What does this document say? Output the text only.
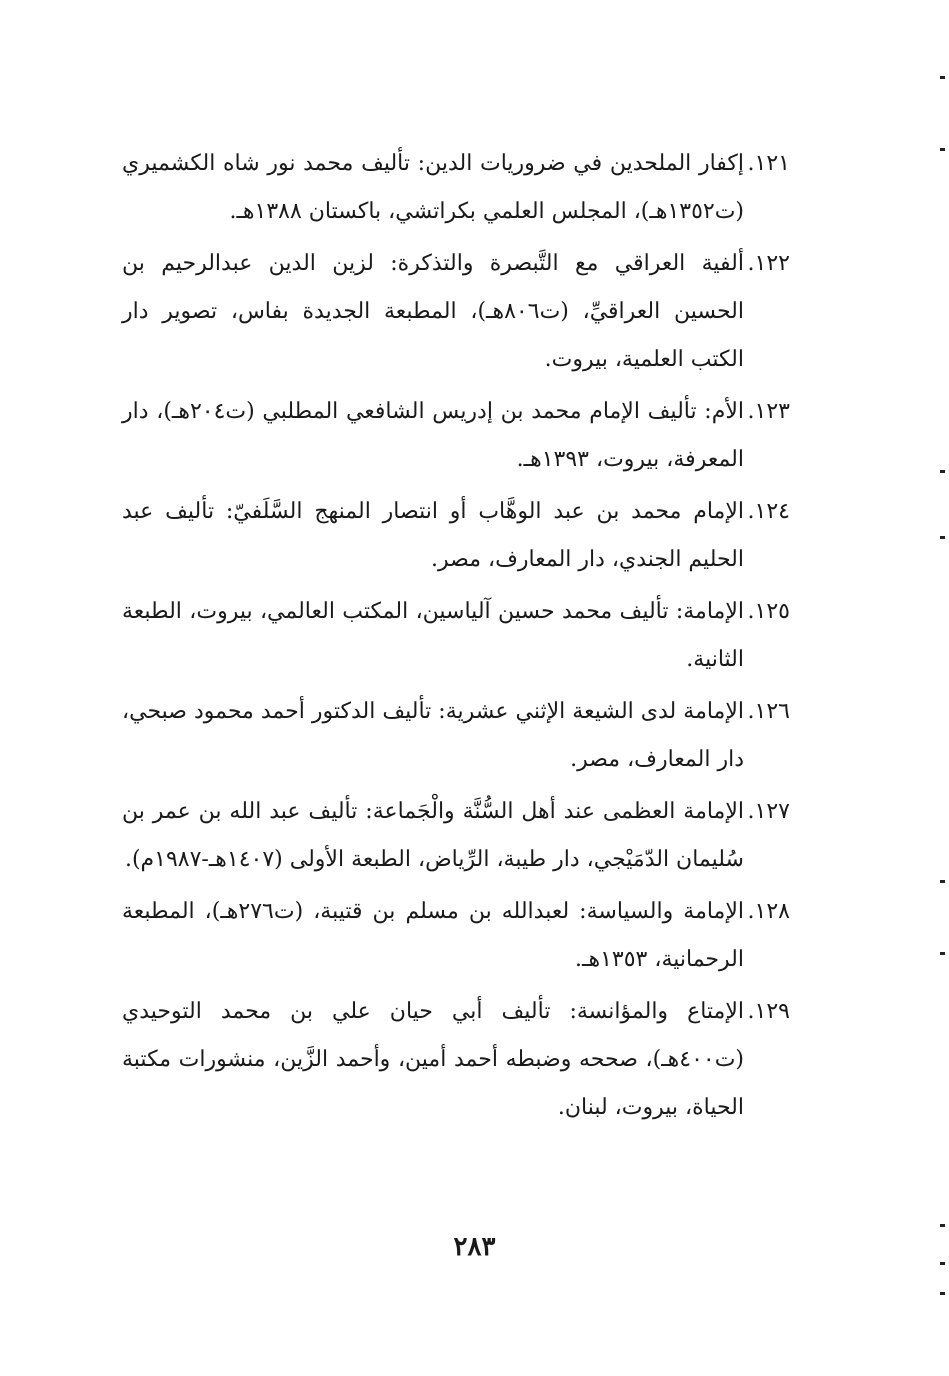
١٢١.
إكفار الملحدين في ضروريات الدين: تأليف محمد نور شاه الكشميري (ت١٣٥٢هـ)، المجلس العلمي بكراتشي، باكستان ١٣٨٨هـ.
١٢٢.
ألفية العراقي مع التَّبصرة والتذكرة: لزين الدين عبدالرحيم بن الحسين العراقيِّ، (ت٨٠٦هـ)، المطبعة الجديدة بفاس، تصوير دار الكتب العلمية، بيروت.
١٢٣.
الأم: تأليف الإمام محمد بن إدريس الشافعي المطلبي (ت٢٠٤هـ)، دار المعرفة، بيروت، ١٣٩٣هـ.
١٢٤.
الإمام محمد بن عبد الوهَّاب أو انتصار المنهج السَّلَفيّ: تأليف عبد الحليم الجندي، دار المعارف، مصر.
١٢٥.
الإمامة: تأليف محمد حسين آلياسين، المكتب العالمي، بيروت، الطبعة الثانية.
١٢٦.
الإمامة لدى الشيعة الإثني عشرية: تأليف الدكتور أحمد محمود صبحي، دار المعارف، مصر.
١٢٧.
الإمامة العظمى عند أهل السُّنَّة والْجَماعة: تأليف عبد الله بن عمر بن سُليمان الدّمَيْجي، دار طيبة، الرِّياض، الطبعة الأولى (١٤٠٧هـ-١٩٨٧م).
١٢٨.
الإمامة والسياسة: لعبدالله بن مسلم بن قتيبة، (ت٢٧٦هـ)، المطبعة الرحمانية، ١٣٥٣هـ.
١٢٩.
الإمتاع والمؤانسة: تأليف أبي حيان علي بن محمد التوحيدي (ت٤٠٠هـ)، صححه وضبطه أحمد أمين، وأحمد الزَّين، منشورات مكتبة الحياة، بيروت، لبنان.
٢٨٣
